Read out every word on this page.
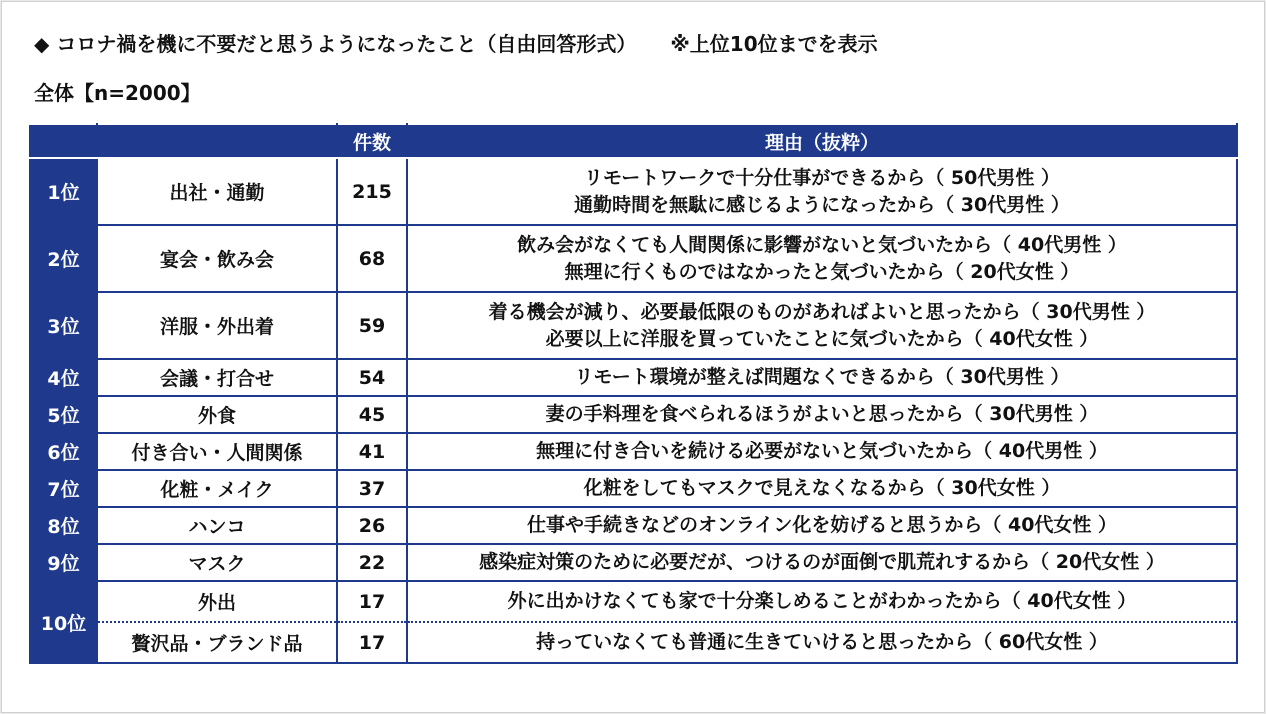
◆ コロナ禍を機に不要だと思うようになったこと（自由回答形式） ※上位10位までを表示
全体【n=2000】
		件数	理由（抜粋）
1位	出社・通勤	215	リモートワークで十分仕事ができるから（ 50代男性 ）
通勤時間を無駄に感じるようになったから（ 30代男性 ）

2位	宴会・飲み会	68	飲み会がなくても人間関係に影響がないと気づいたから（ 40代男性 ）
無理に行くものではなかったと気づいたから（ 20代女性 ）

3位	洋服・外出着	59	着る機会が減り、必要最低限のものがあればよいと思ったから（ 30代男性 ）
必要以上に洋服を買っていたことに気づいたから（ 40代女性 ）

4位	会議・打合せ	54	リモート環境が整えば問題なくできるから（ 30代男性 ）

5位	外食	45	妻の手料理を食べられるほうがよいと思ったから（ 30代男性 ）

6位	付き合い・人間関係	41	無理に付き合いを続ける必要がないと気づいたから（ 40代男性 ）

7位	化粧・メイク	37	化粧をしてもマスクで見えなくなるから（ 30代女性 ）

8位	ハンコ	26	仕事や手続きなどのオンライン化を妨げると思うから（ 40代女性 ）

9位	マスク	22	感染症対策のために必要だが、つけるのが面倒で肌荒れするから（ 20代女性 ）

10位	外出	17	外に出かけなくても家で十分楽しめることがわかったから（ 40代女性 ）

	贅沢品・ブランド品	17	持っていなくても普通に生きていけると思ったから（ 60代女性 ）
